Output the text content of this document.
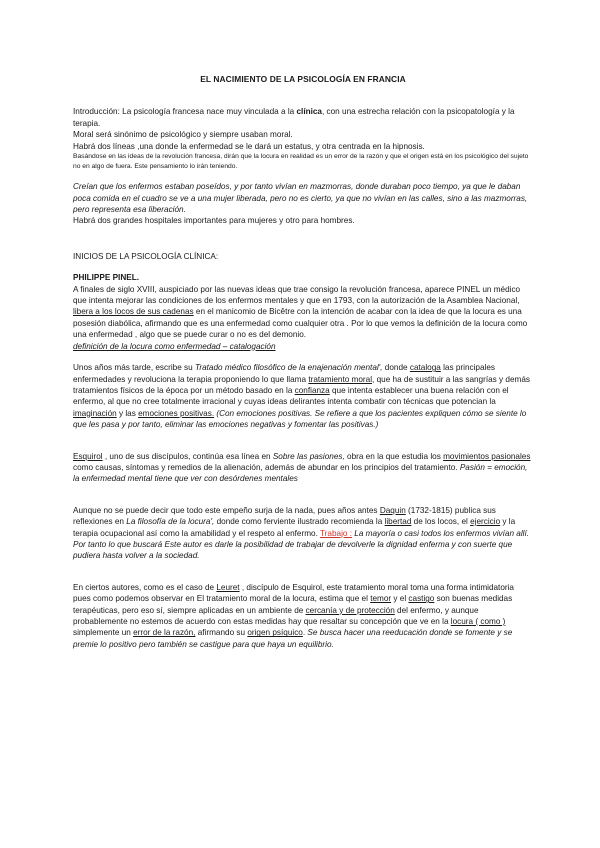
EL NACIMIENTO DE LA PSICOLOGÍA EN FRANCIA

Introducción: La psicología francesa nace muy vinculada a la clínica, con una estrecha relación con la psicopatología y la terapia.

Moral será sinónimo de psicológico y siempre usaban moral.

Habrá dos líneas ,una donde la enfermedad se le dará un estatus, y otra centrada en la hipnosis.

Basándose en las ideas de la revolución francesa, dirán que la locura en realidad es un error de la razón y que el origen está en los psicológico del sujeto no en algo de fuera. Este pensamiento lo irán teniendo.

Creían que los enfermos estaban poseídos, y por tanto vivían en mazmorras, donde duraban poco tiempo, ya que le daban poca comida en el cuadro se ve a una mujer liberada, pero no es cierto, ya que no vivían en las calles, sino a las mazmorras, pero representa esa liberación.

Habrá dos grandes hospitales importantes para mujeres y otro para hombres.

INICIOS DE LA PSICOLOGÍA CLÍNICA:

PHILIPPE PINEL.

A finales de siglo XVIII, auspiciado por las nuevas ideas que trae consigo la revolución francesa, aparece PINEL un médico que intenta mejorar las condiciones de los enfermos mentales y que en 1793, con la autorización de la Asamblea Nacional, libera a los locos de sus cadenas en el manicomio de Bicêtre con la intención de acabar con la idea de que la locura es una posesión diabólica, afirmando que es una enfermedad como cualquier otra . Por lo que vemos la definición de la locura como una enfermedad , algo que se puede curar o no es del demonio.
definición de la locura como enfermedad – catalogación

Unos años más tarde, escribe su Tratado médico filosófico de la enajenación mental', donde cataloga las principales enfermedades y revoluciona la terapia proponiendo lo que llama tratamiento moral, que ha de sustituir a las sangrías y demás tratamientos físicos de la época por un método basado en la confianza que intenta establecer una buena relación con el enfermo, al que no cree totalmente irracional y cuyas ideas delirantes intenta combatir con técnicas que potencian la imaginación y las emociones positivas. (Con emociones positivas. Se refiere a que los pacientes expliquen cómo se siente lo que les pasa y por tanto, eliminar las emociones negativas y fomentar las positivas.)

Esquirol , uno de sus discípulos, continúa esa línea en Sobre las pasiones, obra en la que estudia los movimientos pasionales como causas, síntomas y remedios de la alienación, además de abundar en los principios del tratamiento. Pasión = emoción, la enfermedad mental tiene que ver con desórdenes mentales

Aunque no se puede decir que todo este empeño surja de la nada, pues años antes Daquin (1732-1815) publica sus reflexiones en La filosofía de la locura', donde como ferviente ilustrado recomienda la libertad de los locos, el ejercicio y la terapia ocupacional así como la amabilidad y el respeto al enfermo. Trabajo : La mayoría o casi todos los enfermos vivían allí. Por tanto lo que buscará Este autor es darle la posibilidad de trabajar de devolverle la dignidad enferma y con suerte que pudiera hasta volver a la sociedad.

En ciertos autores, como es el caso de Leuret , discípulo de Esquirol, este tratamiento moral toma una forma intimidatoria pues como podemos observar en El tratamiento moral de la locura, estima que el temor y el castigo son buenas medidas terapéuticas, pero eso sí, siempre aplicadas en un ambiente de cercanía y de protección del enfermo, y aunque probablemente no estemos de acuerdo con estas medidas hay que resaltar su concepción que ve en la locura ( como ) simplemente un error de la razón, afirmando su origen psíquico. Se busca hacer una reeducación donde se fomente y se premie lo positivo pero también se castigue para que haya un equilibrio.
